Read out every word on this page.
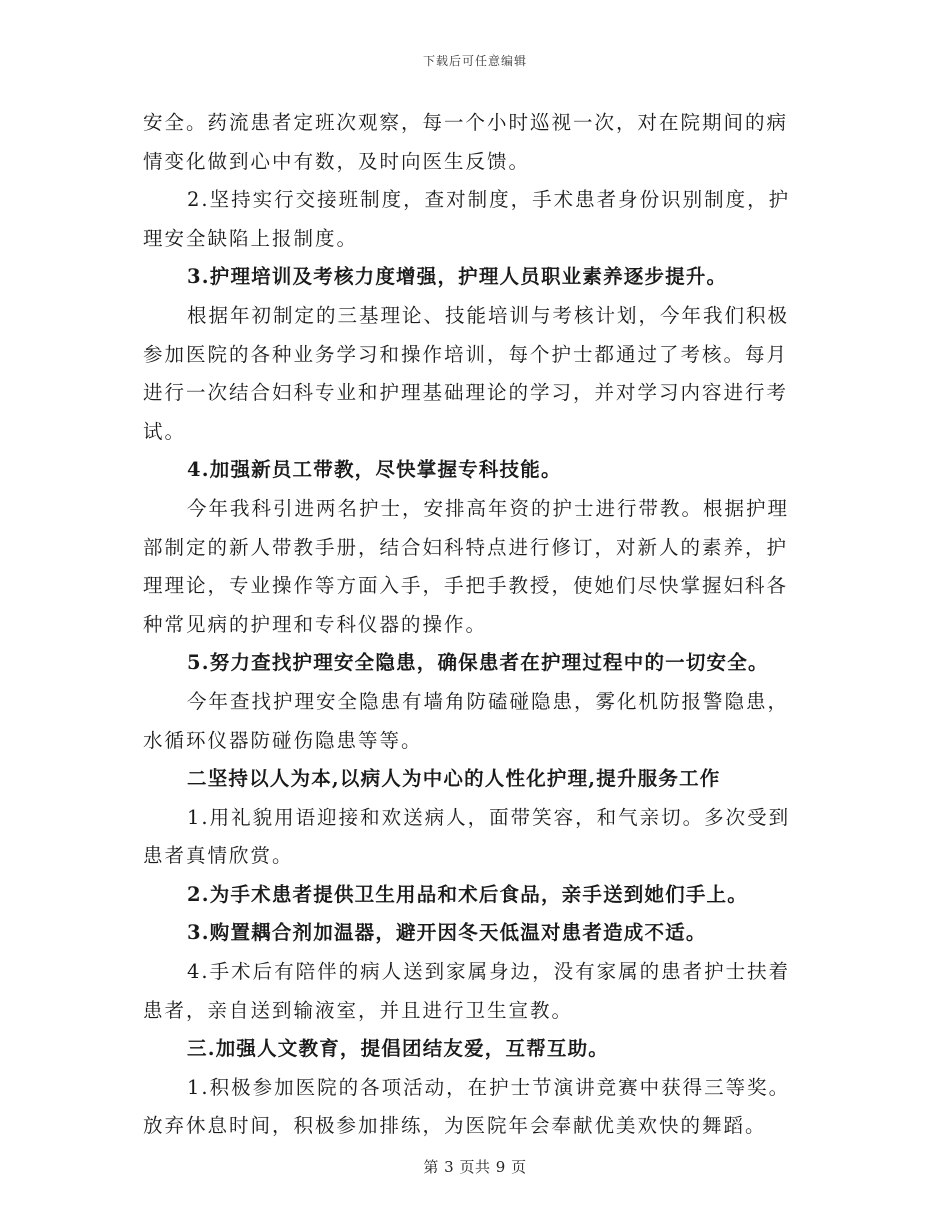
下载后可任意编辑
安全。药流患者定班次观察，每一个小时巡视一次，对在院期间的病
情变化做到心中有数，及时向医生反馈。
2.坚持实行交接班制度，查对制度，手术患者身份识别制度，护
理安全缺陷上报制度。
3.护理培训及考核力度增强，护理人员职业素养逐步提升。
根据年初制定的三基理论、技能培训与考核计划，今年我们积极
参加医院的各种业务学习和操作培训，每个护士都通过了考核。每月
进行一次结合妇科专业和护理基础理论的学习，并对学习内容进行考
试。
4.加强新员工带教，尽快掌握专科技能。
今年我科引进两名护士，安排高年资的护士进行带教。根据护理
部制定的新人带教手册，结合妇科特点进行修订，对新人的素养，护
理理论，专业操作等方面入手，手把手教授，使她们尽快掌握妇科各
种常见病的护理和专科仪器的操作。
5.努力查找护理安全隐患，确保患者在护理过程中的一切安全。
今年查找护理安全隐患有墙角防磕碰隐患，雾化机防报警隐患，
水循环仪器防碰伤隐患等等。
二坚持以人为本,以病人为中心的人性化护理,提升服务工作
1.用礼貌用语迎接和欢送病人，面带笑容，和气亲切。多次受到
患者真情欣赏。
2.为手术患者提供卫生用品和术后食品，亲手送到她们手上。
3.购置耦合剂加温器，避开因冬天低温对患者造成不适。
4.手术后有陪伴的病人送到家属身边，没有家属的患者护士扶着
患者，亲自送到输液室，并且进行卫生宣教。
三.加强人文教育，提倡团结友爱，互帮互助。
1.积极参加医院的各项活动，在护士节演讲竞赛中获得三等奖。
放弃休息时间，积极参加排练，为医院年会奉献优美欢快的舞蹈。
第 3 页共 9 页
